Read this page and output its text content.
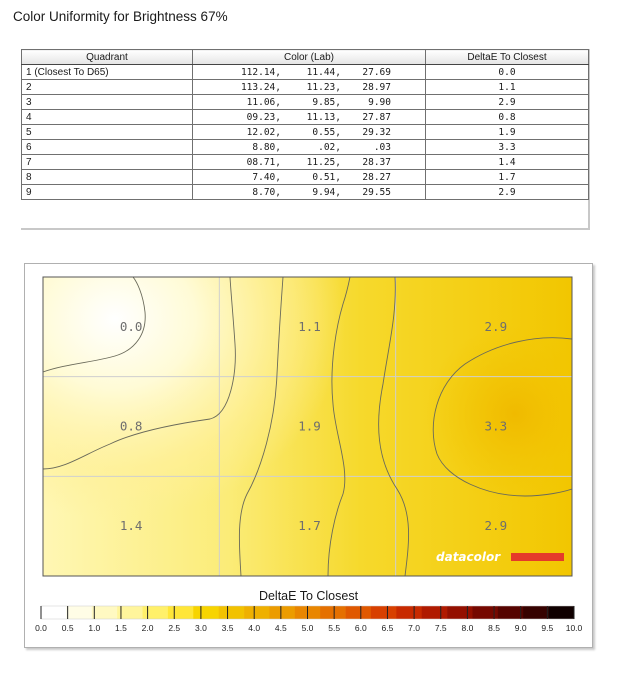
Color Uniformity for Brightness 67%
Quadrant	Color (Lab)	DeltaE To Closest
1 (Closest To D65)	112.14, 11.44, 27.69	0.0
2	113.24, 11.23, 28.97	1.1
3	11.06, 9.85, 9.90	2.9
4	09.23, 11.13, 27.87	0.8
5	12.02, 0.55, 29.32	1.9
6	8.80, .02, .03	3.3
7	08.71, 11.25, 28.37	1.4
8	7.40, 0.51, 28.27	1.7
9	8.70, 9.94, 29.55	2.9
0.0	1.1	2.9
0.8	1.9	3.3
1.4	1.7	2.9
datacolor
DeltaE To Closest
0.0 0.5 1.0 1.5 2.0 2.5 3.0 3.5 4.0 4.5 5.0 5.5 6.0 6.5 7.0 7.5 8.0 8.5 9.0 9.5 10.0
